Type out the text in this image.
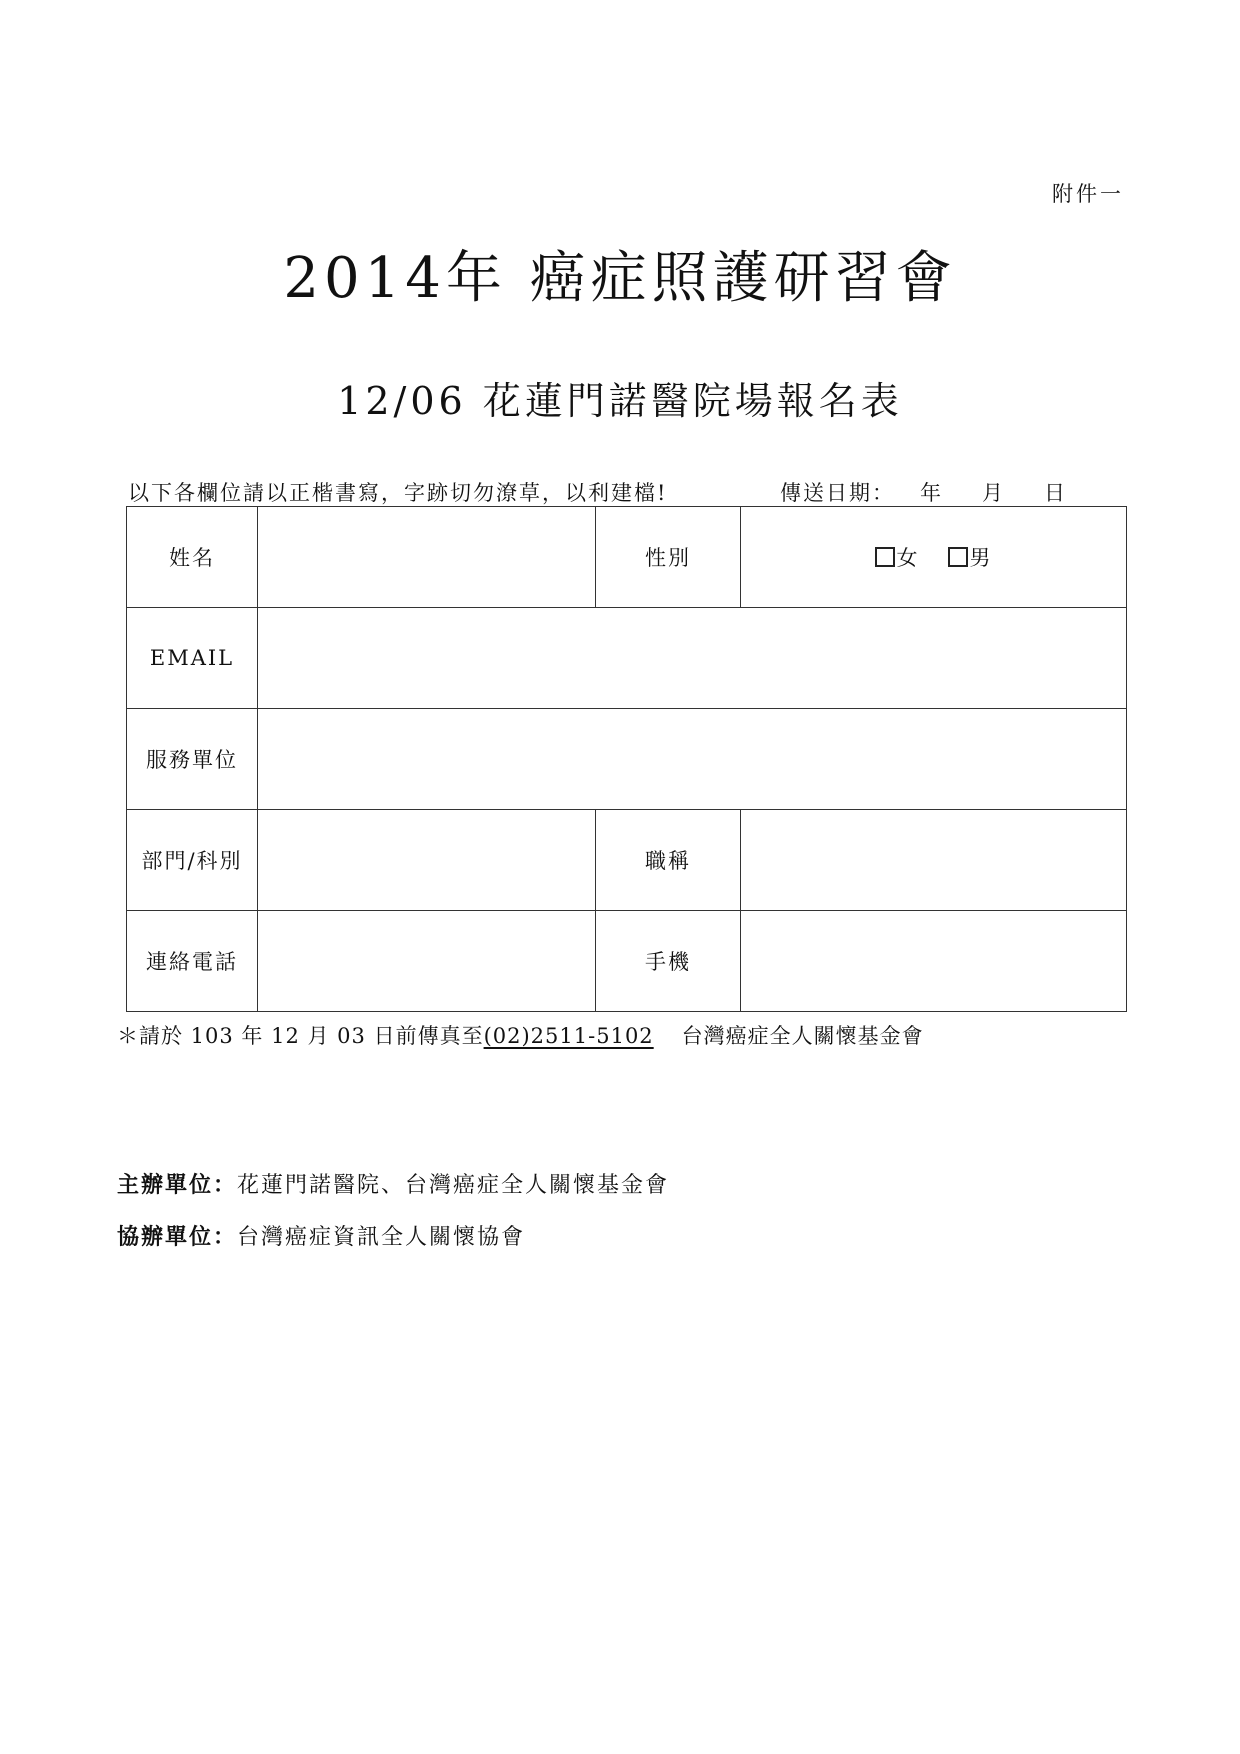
附件一
2014年 癌症照護研習會
12/06 花蓮門諾醫院場報名表
以下各欄位請以正楷書寫，字跡切勿潦草，以利建檔!	傳送日期： 年 月 日
姓名		性別	女 男
EMAIL			
服務單位			
部門/科別		職稱	
連絡電話		手機	
＊請於 103 年 12 月 03 日前傳真至(02)2511-5102 台灣癌症全人關懷基金會
主辦單位：花蓮門諾醫院、台灣癌症全人關懷基金會
協辦單位：台灣癌症資訊全人關懷協會
